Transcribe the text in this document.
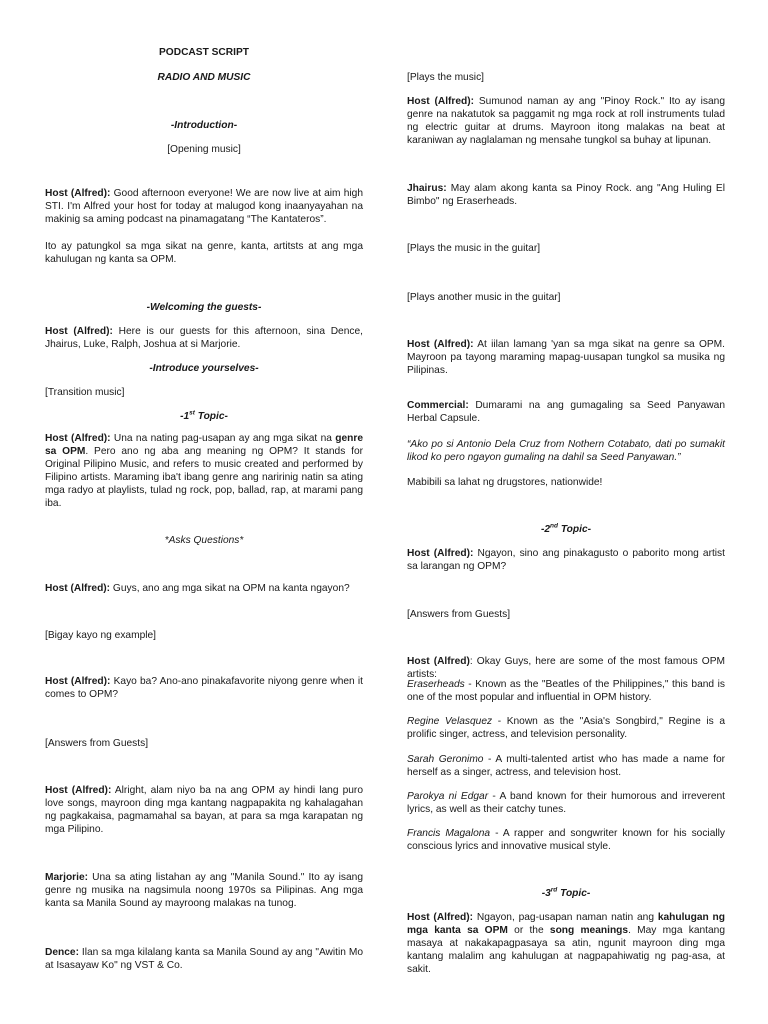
PODCAST SCRIPT

RADIO AND MUSIC

-Introduction-

[Opening music]

Host (Alfred): Good afternoon everyone! We are now live at aim high STI. I'm Alfred your host for today at malugod kong inaanyayahan na makinig sa aming podcast na pinamagatang “The Kantateros”.

Ito ay patungkol sa mga sikat na genre, kanta, artitsts at ang mga kahulugan ng kanta sa OPM.

-Welcoming the guests-

Host (Alfred): Here is our guests for this afternoon, sina Dence, Jhairus, Luke, Ralph, Joshua at si Marjorie.

-Introduce yourselves-

[Transition music]

-1st Topic-

Host (Alfred): Una na nating pag-usapan ay ang mga sikat na genre sa OPM. Pero ano ng aba ang meaning ng OPM? It stands for Original Pilipino Music, and refers to music created and performed by Filipino artists. Maraming iba't ibang genre ang naririnig natin sa ating mga radyo at playlists, tulad ng rock, pop, ballad, rap, at marami pang iba.

*Asks Questions*

Host (Alfred): Guys, ano ang mga sikat na OPM na kanta ngayon?

[Bigay kayo ng example]

Host (Alfred): Kayo ba? Ano-ano pinakafavorite niyong genre when it comes to OPM?

[Answers from Guests]

Host (Alfred): Alright, alam niyo ba na ang OPM ay hindi lang puro love songs, mayroon ding mga kantang nagpapakita ng kahalagahan ng pagkakaisa, pagmamahal sa bayan, at para sa mga karapatan ng mga Pilipino.

Marjorie: Una sa ating listahan ay ang "Manila Sound." Ito ay isang genre ng musika na nagsimula noong 1970s sa Pilipinas. Ang mga kanta sa Manila Sound ay mayroong malakas na tunog.

Dence: Ilan sa mga kilalang kanta sa Manila Sound ay ang "Awitin Mo at Isasayaw Ko" ng VST & Co.

[Plays the music]

Host (Alfred): Sumunod naman ay ang "Pinoy Rock." Ito ay isang genre na nakatutok sa paggamit ng mga rock at roll instruments tulad ng electric guitar at drums. Mayroon itong malakas na beat at karaniwan ay naglalaman ng mensahe tungkol sa buhay at lipunan.

Jhairus: May alam akong kanta sa Pinoy Rock. ang "Ang Huling El Bimbo" ng Eraserheads.

[Plays the music in the guitar]

[Plays another music in the guitar]

Host (Alfred): At iilan lamang 'yan sa mga sikat na genre sa OPM. Mayroon pa tayong maraming mapag-uusapan tungkol sa musika ng Pilipinas.

Commercial: Dumarami na ang gumagaling sa Seed Panyawan Herbal Capsule.

“Ako po si Antonio Dela Cruz from Nothern Cotabato, dati po sumakit likod ko pero ngayon gumaling na dahil sa Seed Panyawan.”

Mabibili sa lahat ng drugstores, nationwide!

-2nd Topic-

Host (Alfred): Ngayon, sino ang pinakagusto o paborito mong artist sa larangan ng OPM?

[Answers from Guests]

Host (Alfred): Okay Guys, here are some of the most famous OPM artists:

Eraserheads - Known as the "Beatles of the Philippines," this band is one of the most popular and influential in OPM history.

Regine Velasquez - Known as the "Asia's Songbird," Regine is a prolific singer, actress, and television personality.

Sarah Geronimo - A multi-talented artist who has made a name for herself as a singer, actress, and television host.

Parokya ni Edgar - A band known for their humorous and irreverent lyrics, as well as their catchy tunes.

Francis Magalona - A rapper and songwriter known for his socially conscious lyrics and innovative musical style.

-3rd Topic-

Host (Alfred): Ngayon, pag-usapan naman natin ang kahulugan ng mga kanta sa OPM or the song meanings. May mga kantang masaya at nakakapagpasaya sa atin, ngunit mayroon ding mga kantang malalim ang kahulugan at nagpapahiwatig ng pag-asa, at sakit.
